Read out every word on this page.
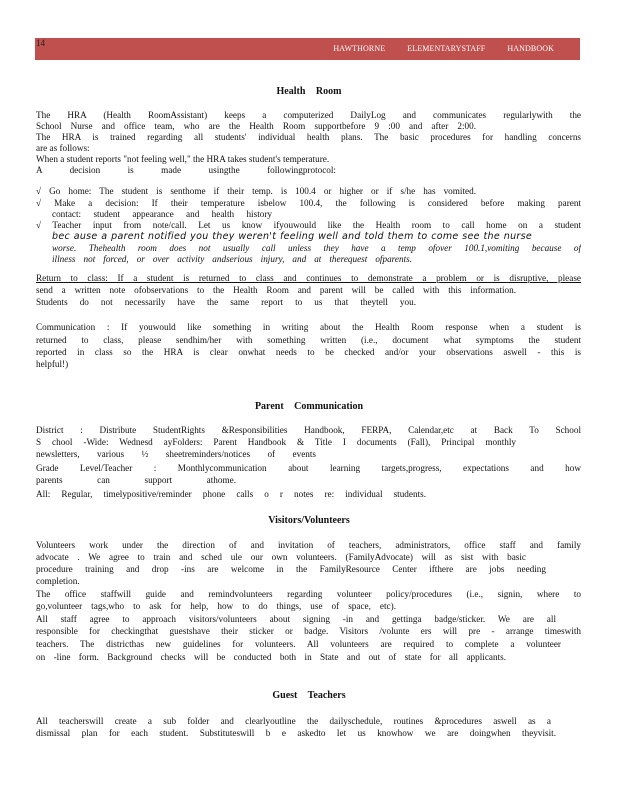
HAWTHORNE ELEMENTARYSTAFF HANDBOOK
14
Health Room
The HRA (Health RoomAssistant) keeps a computerized DailyLog and communicates regularlywith the
School Nurse and office team, who are the Health Room supportbefore 9 :00 and after 2:00.
The HRA is trained regarding all students' individual health plans. The basic procedures for handling concerns
are as follows:
When a student reports "not feeling well," the HRA takes student's temperature.
A decision is made usingthe followingprotocol:
√ Go home: The student is senthome if their temp. is 100.4 or higher or if s/he has vomited.
√ Make a decision: If their temperature isbelow 100.4, the following is considered before making parent
contact: student appearance and health history
√ Teacher input from note/call. Let us know ifyouwould like the Health room to call home on a student
bec ause a parent notified you they weren't feeling well and told them to come see the nurse
worse. Thehealth room does not usually call unless they have a temp ofover 100.1,vomiting because of
illness not forced, or over activity andserious injury, and at therequest ofparents.
Return to class: If a student is returned to class and continues to demonstrate a problem or is disruptive, please
send a written note ofobservations to the Health Room and parent will be called with this information.
Students do not necessarily have the same report to us that theytell you.
Communication : If youwould like something in writing about the Health Room response when a student is
returned to class, please sendhim/her with something written (i.e., document what symptoms the student
reported in class so the HRA is clear onwhat needs to be checked and/or your observations aswell - this is
helpful!)
Parent Communication
District : Distribute StudentRights &Responsibilities Handbook, FERPA, Calendar,etc at Back To School
S chool -Wide: Wednesd ayFolders: Parent Handbook & Title I documents (Fall), Principal monthly
newsletters, various ½ sheetreminders/notices of events
Grade Level/Teacher : Monthlycommunication about learning targets,progress, expectations and how
parents can support athome.
All: Regular, timelypositive/reminder phone calls o r notes re: individual students.
Visitors/Volunteers
Volunteers work under the direction of and invitation of teachers, administrators, office staff and family
advocate . We agree to train and sched ule our own volunteers. (FamilyAdvocate) will as sist with basic
procedure training and drop -ins are welcome in the FamilyResource Center ifthere are jobs needing
completion.
The office staffwill guide and remindvolunteers regarding volunteer policy/procedures (i.e., signin, where to
go,volunteer tags,who to ask for help, how to do things, use of space, etc).
All staff agree to approach visitors/volunteers about signing -in and gettinga badge/sticker. We are all
responsible for checkingthat guestshave their sticker or badge. Visitors /volunte ers will pre - arrange timeswith
teachers. The districthas new guidelines for volunteers. All volunteers are required to complete a volunteer
on -line form. Background checks will be conducted both in State and out of state for all applicants.
Guest Teachers
All teacherswill create a sub folder and clearlyoutline the dailyschedule, routines &procedures aswell as a
dismissal plan for each student. Substituteswill b e askedto let us knowhow we are doingwhen theyvisit.
